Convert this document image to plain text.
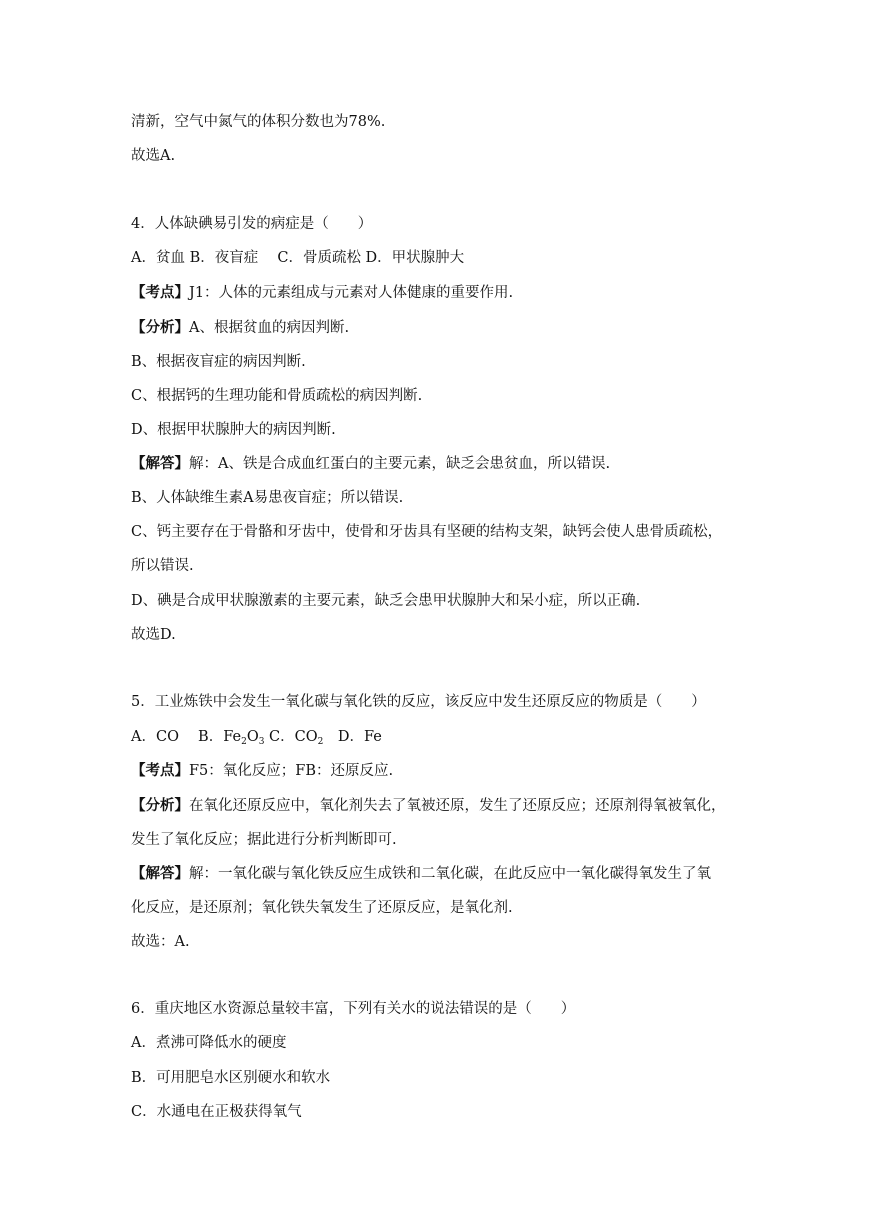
清新，空气中氮气的体积分数也为78%.
故选A.
4．人体缺碘易引发的病症是（　　）
A．贫血 B．夜盲症　 C．骨质疏松 D．甲状腺肿大
【考点】J1：人体的元素组成与元素对人体健康的重要作用.
【分析】A、根据贫血的病因判断.
B、根据夜盲症的病因判断.
C、根据钙的生理功能和骨质疏松的病因判断.
D、根据甲状腺肿大的病因判断.
【解答】解：A、铁是合成血红蛋白的主要元素，缺乏会患贫血，所以错误.
B、人体缺维生素A易患夜盲症；所以错误.
C、钙主要存在于骨骼和牙齿中，使骨和牙齿具有坚硬的结构支架，缺钙会使人患骨质疏松，
所以错误.
D、碘是合成甲状腺激素的主要元素，缺乏会患甲状腺肿大和呆小症，所以正确.
故选D.
5．工业炼铁中会发生一氧化碳与氧化铁的反应，该反应中发生还原反应的物质是（　　）
A．CO　 B．$Fe_2O_3$ C．$CO_2$　D．Fe
【考点】F5：氧化反应；FB：还原反应.
【分析】在氧化还原反应中，氧化剂失去了氧被还原，发生了还原反应；还原剂得氧被氧化，
发生了氧化反应；据此进行分析判断即可.
【解答】解：一氧化碳与氧化铁反应生成铁和二氧化碳，在此反应中一氧化碳得氧发生了氧
化反应，是还原剂；氧化铁失氧发生了还原反应，是氧化剂.
故选：A.
6．重庆地区水资源总量较丰富，下列有关水的说法错误的是（　　）
A．煮沸可降低水的硬度
B．可用肥皂水区别硬水和软水
C．水通电在正极获得氧气
